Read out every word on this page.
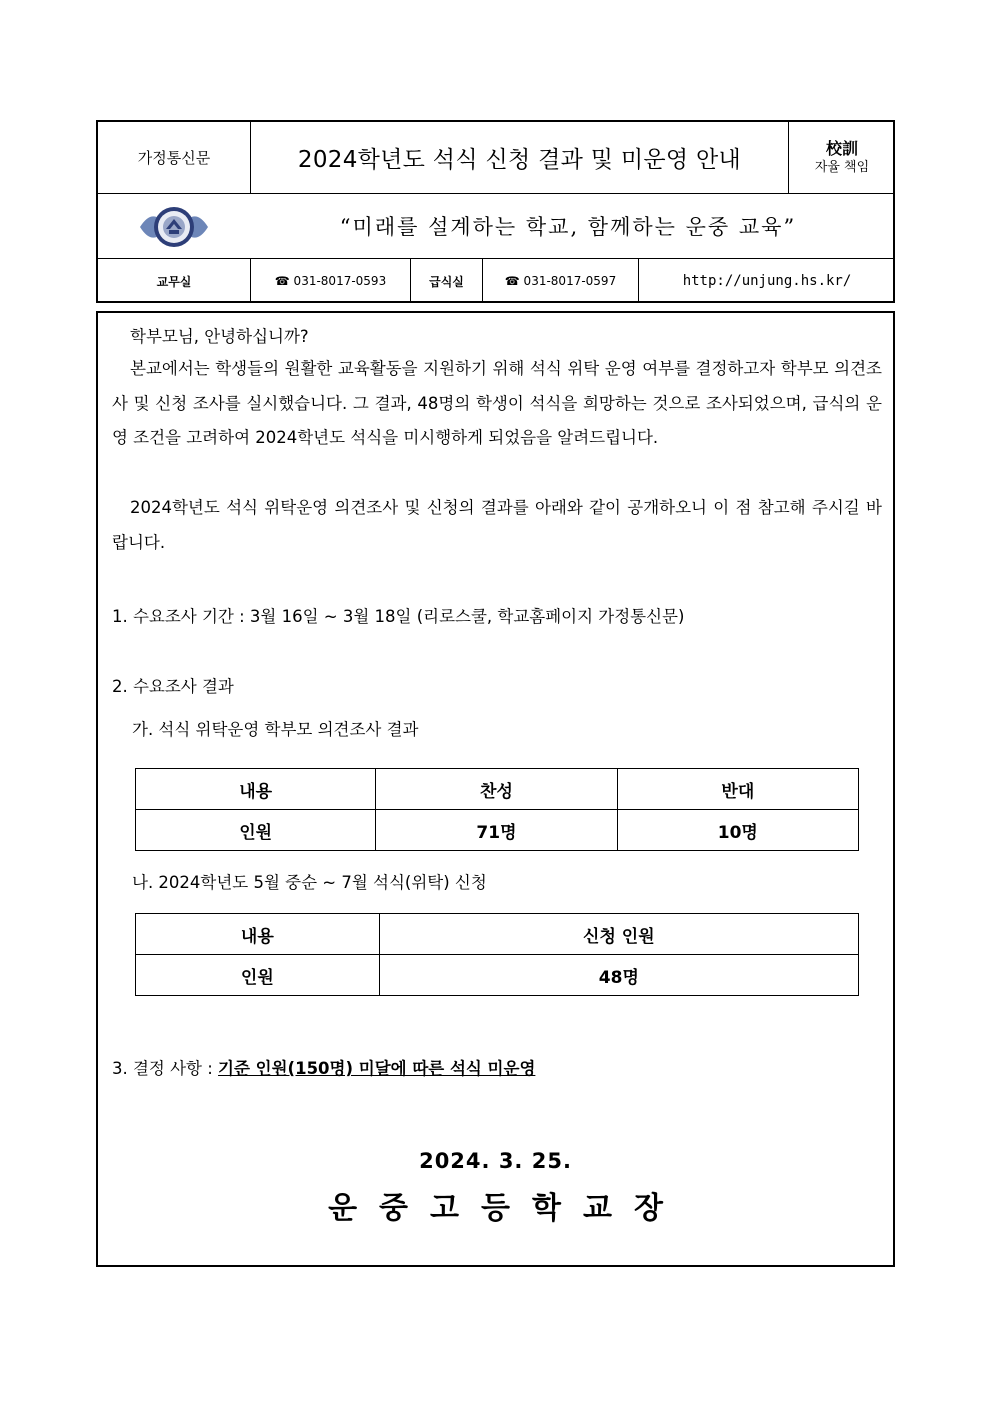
가정통신문	2024학년도 석식 신청 결과 및 미운영 안내	校訓
자율 책임
“미래를 설계하는 학교, 함께하는 운중 교육”
교무실	☎ 031-8017-0593	급식실	☎ 031-8017-0597	http://unjung.hs.kr/
학부모님, 안녕하십니까?
본교에서는 학생들의 원활한 교육활동을 지원하기 위해 석식 위탁 운영 여부를 결정하고자 학부모 의견조사 및 신청 조사를 실시했습니다. 그 결과, 48명의 학생이 석식을 희망하는 것으로 조사되었으며, 급식의 운영 조건을 고려하여 2024학년도 석식을 미시행하게 되었음을 알려드립니다.
2024학년도 석식 위탁운영 의견조사 및 신청의 결과를 아래와 같이 공개하오니 이 점 참고해 주시길 바랍니다.
1. 수요조사 기간 : 3월 16일 ~ 3월 18일 (리로스쿨, 학교홈페이지 가정통신문)
2. 수요조사 결과
가. 석식 위탁운영 학부모 의견조사 결과
내용	찬성	반대
인원	71명	10명
나. 2024학년도 5월 중순 ~ 7월 석식(위탁) 신청
내용	신청 인원
인원	48명
3. 결정 사항 : 기준 인원(150명) 미달에 따른 석식 미운영
2024. 3. 25.
운중고등학교장
